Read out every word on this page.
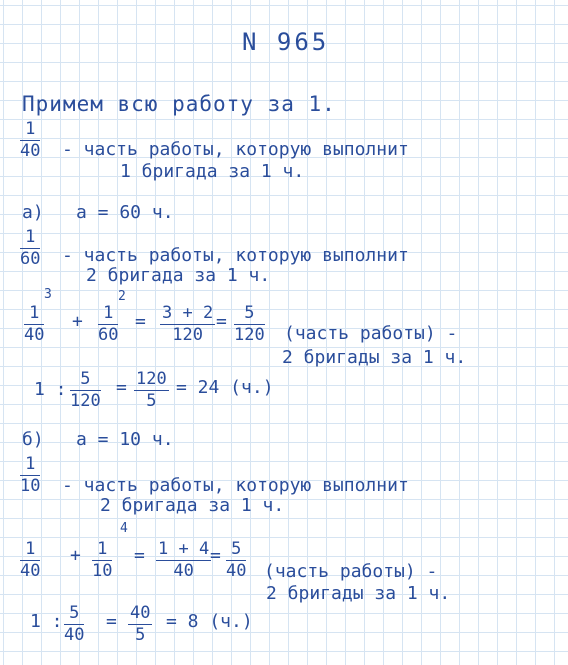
N 965
Примем всю работу за 1.
1
40 - часть работы, которую выполнит
1 бригада за 1 ч.
а) a = 60 ч.
1
60 - часть работы, которую выполнит
2 бригада за 1 ч.
3
1
40
+
2
1
60
= 3 + 2
120
= 5
120 (часть работы) -
2 бригады за 1 ч.
1 : 5
120
= 120
5
= 24 (ч.)
б) a = 10 ч.
1
10 - часть работы, которую выполнит
2 бригада за 1 ч.
1
40
+
4
1
10
= 1 + 4
40
= 5
40 (часть работы) -
2 бригады за 1 ч.
1 : 5
40
= 40
5
= 8 (ч.)
